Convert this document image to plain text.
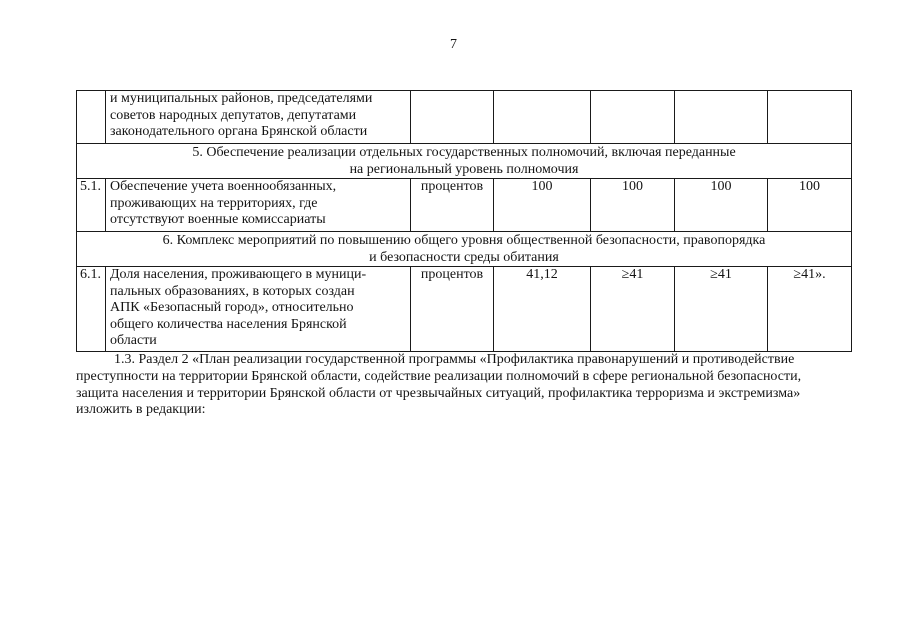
7

	и муниципальных районов, председателями
советов народных депутатов, депутатами
законодательного органа Брянской области					

5. Обеспечение реализации отдельных государственных полномочий, включая переданные
на региональный уровень полномочия						

5.1.	Обеспечение учета военнообязанных,
проживающих на территориях, где
отсутствуют военные комиссариаты	процентов	100	100	100	100

6. Комплекс мероприятий по повышению общего уровня общественной безопасности, правопорядка
и безопасности среды обитания						

6.1.	Доля населения, проживающего в муници-
пальных образованиях, в которых создан
АПК «Безопасный город», относительно
общего количества населения Брянской
области	процентов	41,12	≥41	≥41	≥41».
1.3. Раздел 2 «План реализации государственной программы «Профилактика правонарушений и противодействие
преступности на территории Брянской области, содействие реализации полномочий в сфере региональной безопасности,
защита населения и территории Брянской области от чрезвычайных ситуаций, профилактика терроризма и экстремизма»
изложить в редакции:
